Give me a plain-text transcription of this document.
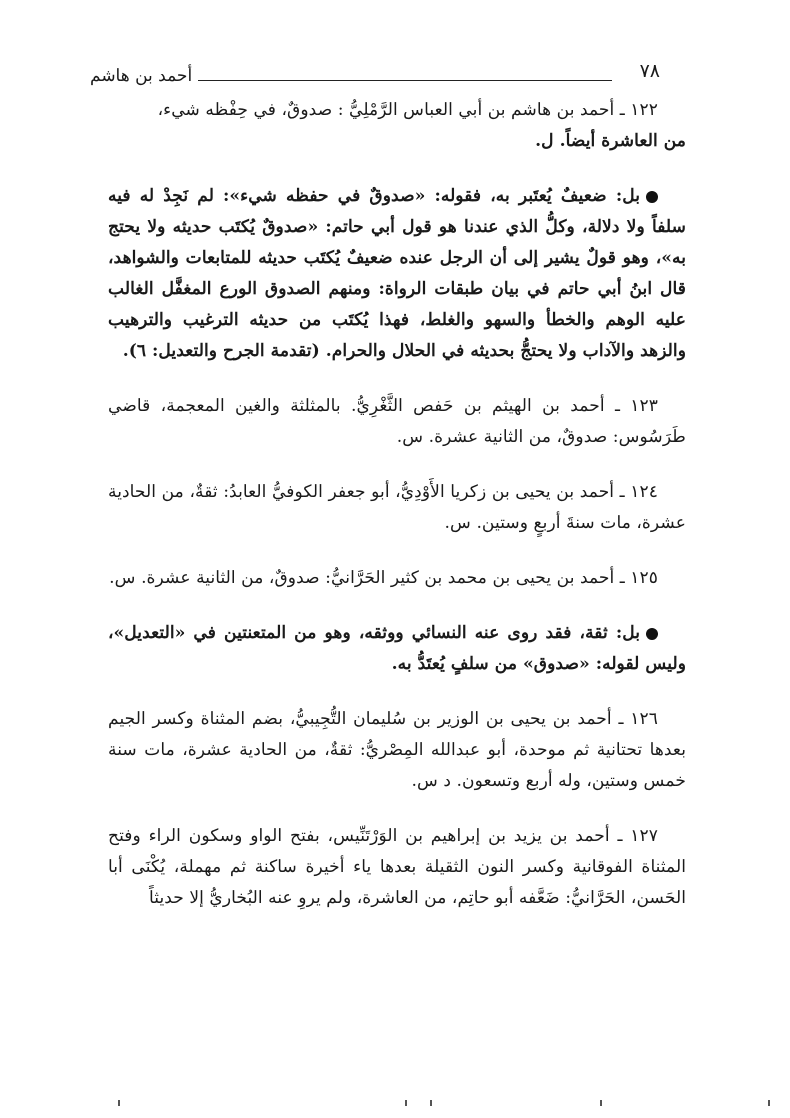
٧٨
أحمد بن هاشم

١٢٢ ـ أحمد بن هاشم بن أبي العباس الرَّمْلِيُّ : صدوقٌ، في حِفْظه شيء،

من العاشرة أيضاً. ل.

بل: ضعيفٌ يُعتَبر به، فقوله: «صدوقٌ في حفظه شيء»: لم نَجِدْ له فيه سلفاً ولا دلالة، وكلُّ الذي عندنا هو قول أبي حاتم: «صدوقٌ يُكتَب حديثه ولا يحتج به»، وهو قولٌ يشير إلى أن الرجل عنده ضعيفٌ يُكتَب حديثه للمتابعات والشواهد، قال ابنُ أبي حاتم في بيان طبقات الرواة: ومنهم الصدوق الورع المغفَّل الغالب عليه الوهم والخطأ والسهو والغلط، فهذا يُكتَب من حديثه الترغيب والترهيب والزهد والآداب ولا يحتجُّ بحديثه في الحلال والحرام. (تقدمة الجرح والتعديل: ٦).

١٢٣ ـ أحمد بن الهيثم بن حَفص الثَّغْرِيُّ. بالمثلثة والغين المعجمة، قاضي طَرَسُوس: صدوقٌ، من الثانية عشرة. س.

١٢٤ ـ أحمد بن يحيى بن زكريا الأَوْدِيُّ، أبو جعفر الكوفيُّ العابدُ: ثقةٌ، من الحادية عشرة، مات سنةَ أربعٍ وستين. س.

١٢٥ ـ أحمد بن يحيى بن محمد بن كثير الحَرَّانيُّ: صدوقٌ، من الثانية عشرة. س.

بل: ثقة، فقد روى عنه النسائي ووثقه، وهو من المتعنتين في «التعديل»، وليس لقوله: «صدوق» من سلفٍ يُعتَدُّ به.

١٢٦ ـ أحمد بن يحيى بن الوزير بن سُليمان التُّجِيبيُّ، بضم المثناة وكسر الجيم بعدها تحتانية ثم موحدة، أبو عبدالله المِصْريُّ: ثقةٌ، من الحادية عشرة، مات سنة خمس وستين، وله أربع وتسعون. د س.

١٢٧ ـ أحمد بن يزيد بن إبراهيم بن الوَرْتَنِّيس، بفتح الواو وسكون الراء وفتح المثناة الفوقانية وكسر النون الثقيلة بعدها ياء أخيرة ساكنة ثم مهملة، يُكْنَى أبا الحَسن، الحَرَّانيُّ: ضَعَّفه أبو حاتِم، من العاشرة، ولم يروِ عنه البُخاريُّ إلا حديثاً
